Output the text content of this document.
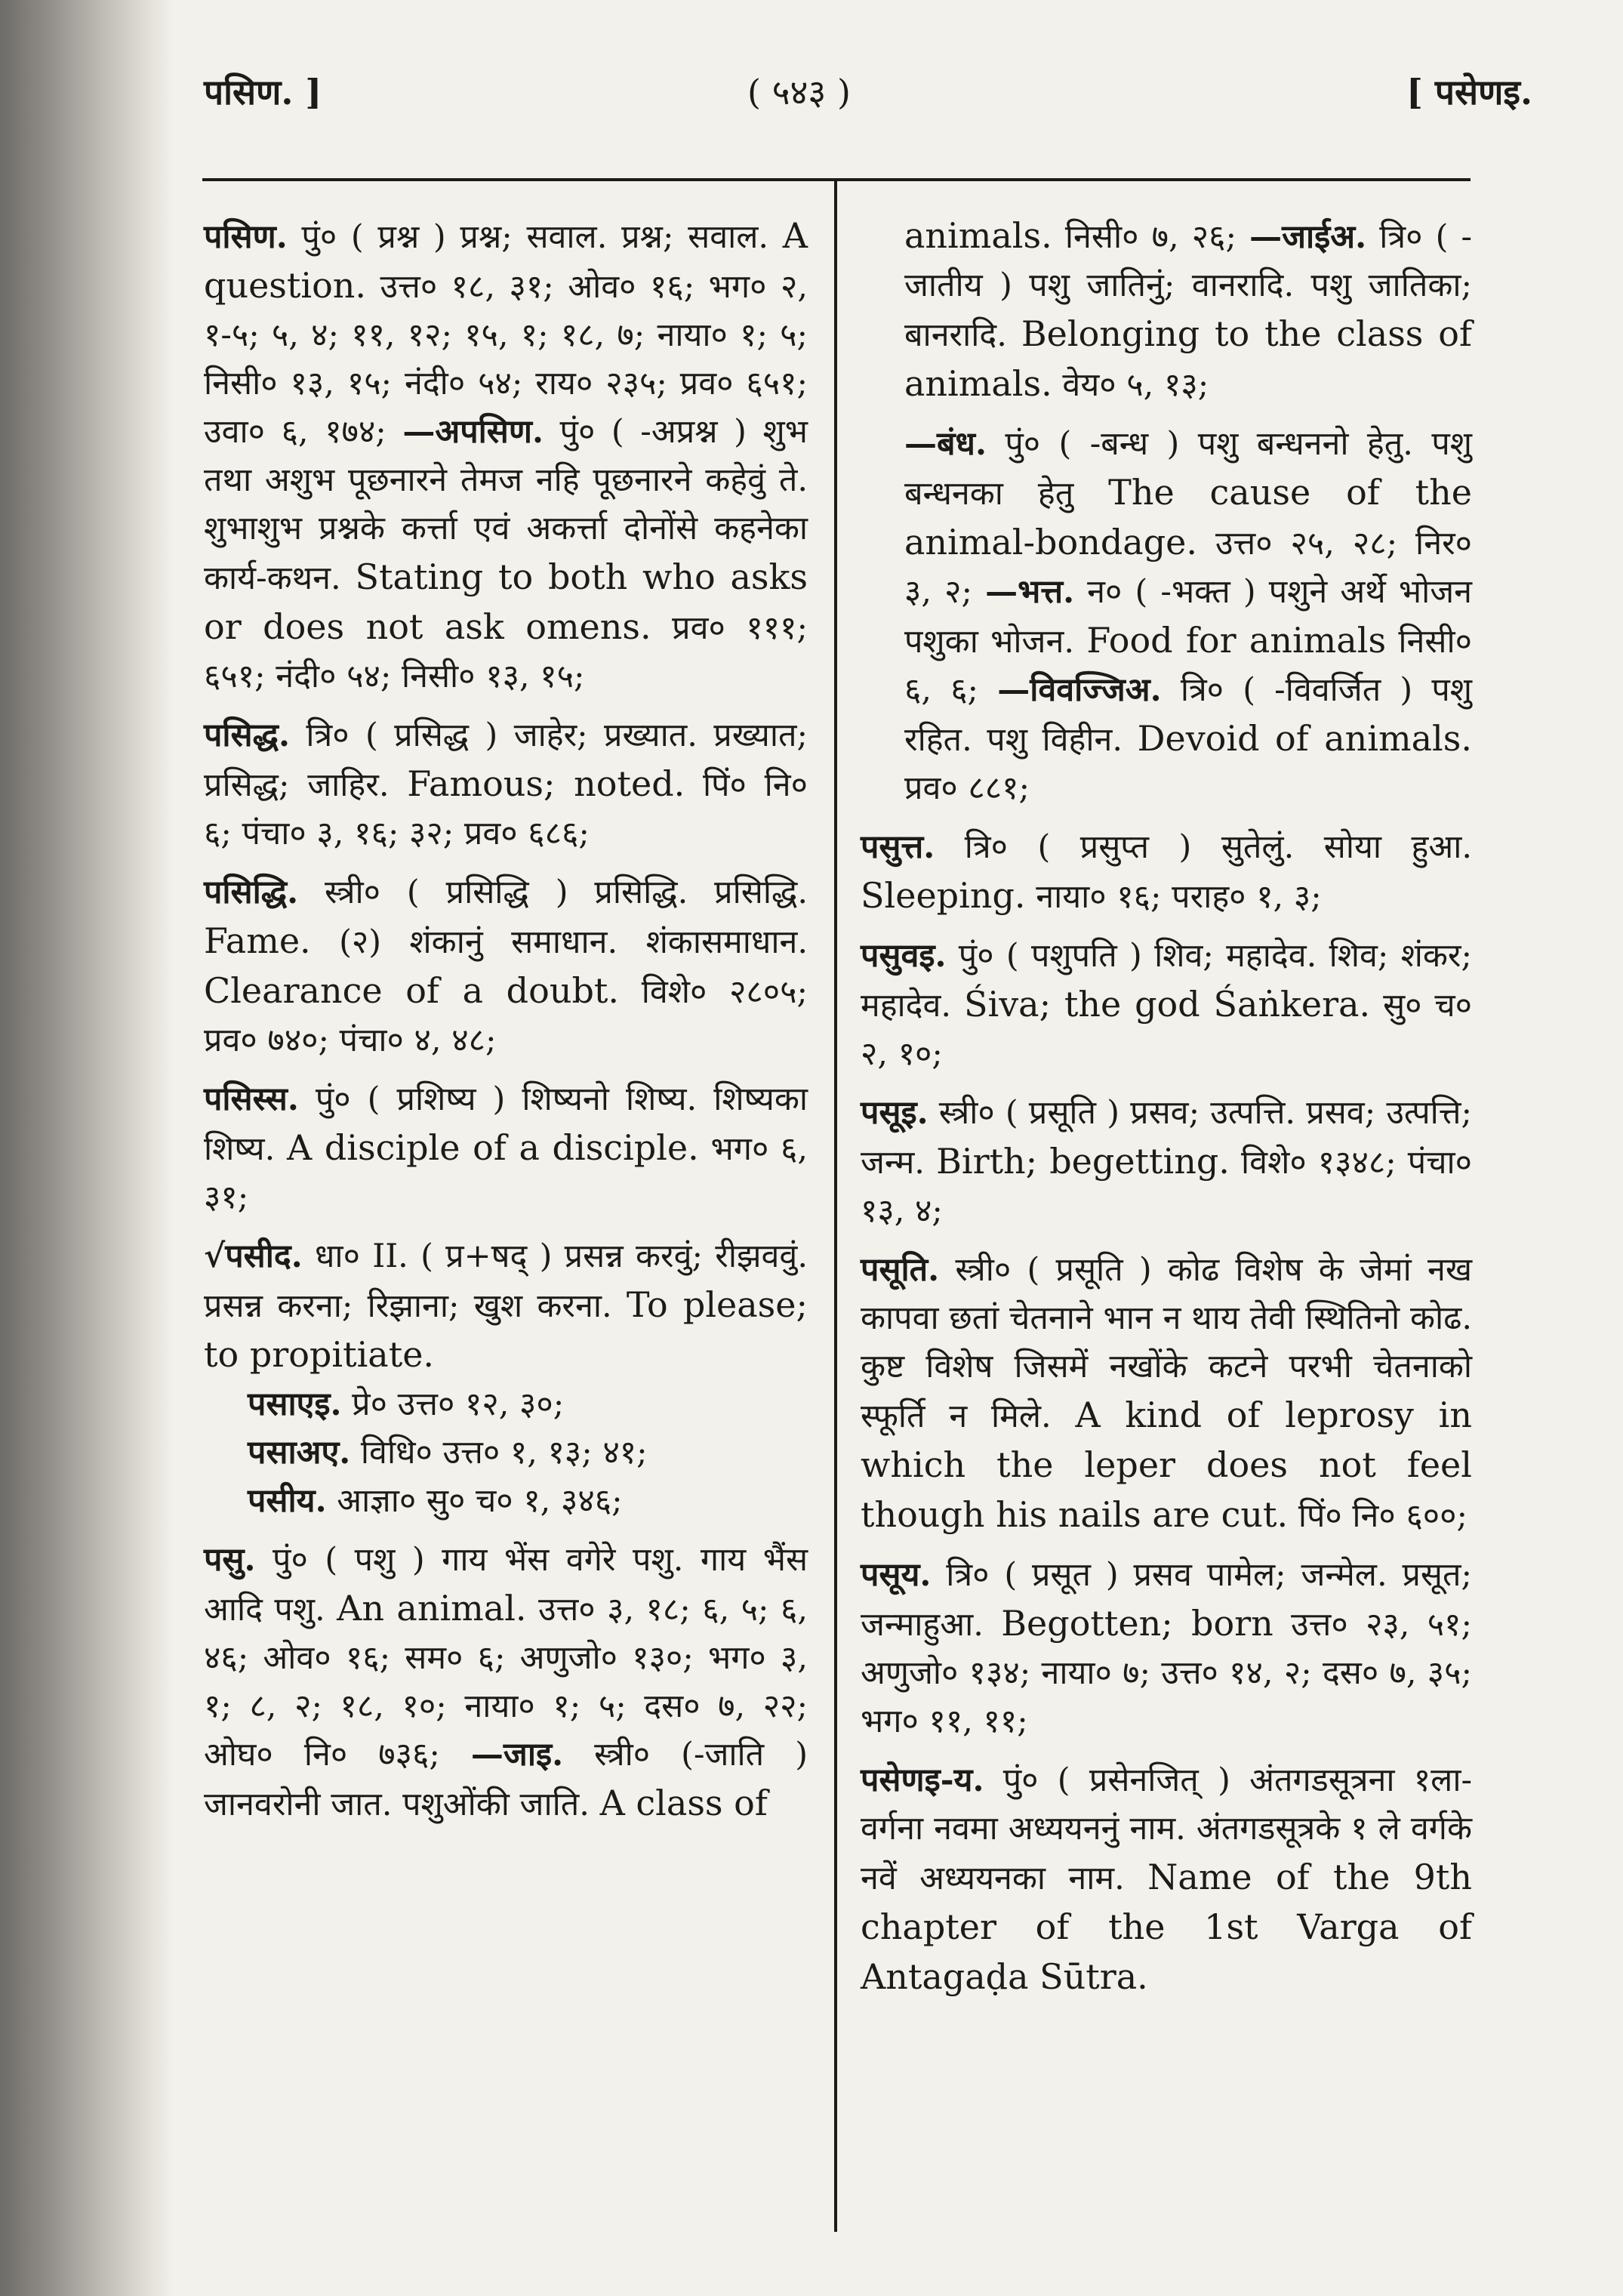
पसिण. ]	( ५४३ )	[ पसेणइ.
पसिण. पुं० ( प्रश्न ) प्रश्न; सवाल. प्रश्न; सवाल. A question. उत्त० १८, ३१; ओव० १६; भग० २, १-५; ५, ४; ११, १२; १५, १; १८, ७; नाया० १; ५; निसी० १३, १५; नंदी० ५४; राय० २३५; प्रव० ६५१; उवा० ६, १७४; —अपसिण. पुं० ( -अप्रश्न ) शुभ तथा अशुभ पूछनारने तेमज नहि पूछनारने कहेवुं ते. शुभाशुभ प्रश्नके कर्त्ता एवं अकर्त्ता दोनोंसे कहनेका कार्य-कथन. Stating to both who asks or does not ask omens. प्रव० १११; ६५१; नंदी० ५४; निसी० १३, १५;
पसिद्ध. त्रि० ( प्रसिद्ध ) जाहेर; प्रख्यात. प्रख्यात; प्रसिद्ध; जाहिर. Famous; noted. पिं० नि० ६; पंचा० ३, १६; ३२; प्रव० ६८६;
पसिद्धि. स्त्री० ( प्रसिद्धि ) प्रसिद्धि. प्रसिद्धि. Fame. (२) शंकानुं समाधान. शंकासमाधान. Clearance of a doubt. विशे० २८०५; प्रव० ७४०; पंचा० ४, ४८;
पसिस्स. पुं० ( प्रशिष्य ) शिष्यनो शिष्य. शिष्यका शिष्य. A disciple of a disciple. भग० ६, ३१;
√पसीद. धा० II. ( प्र+षद् ) प्रसन्न करवुं; रीझववुं. प्रसन्न करना; रिझाना; खुश करना. To please; to propitiate.
पसाएइ. प्रे० उत्त० १२, ३०;
पसाअए. विधि० उत्त० १, १३; ४१;
पसीय. आज्ञा० सु० च० १, ३४६;
पसु. पुं० ( पशु ) गाय भेंस वगेरे पशु. गाय भैंस आदि पशु. An animal. उत्त० ३, १८; ६, ५; ६, ४६; ओव० १६; सम० ६; अणुजो० १३०; भग० ३, १; ८, २; १८, १०; नाया० १; ५; दस० ७, २२; ओघ० नि० ७३६; —जाइ. स्त्री० (-जाति ) जानवरोनी जात. पशुओंकी जाति. A class of
animals. निसी० ७, २६; —जाईअ. त्रि० ( -जातीय ) पशु जातिनुं; वानरादि. पशु जातिका; बानरादि. Belonging to the class of animals. वेय० ५, १३;
—बंध. पुं० ( -बन्ध ) पशु बन्धननो हेतु. पशु बन्धनका हेतु The cause of the animal-bondage. उत्त० २५, २८; निर० ३, २; —भत्त. न० ( -भक्त ) पशुने अर्थे भोजन पशुका भोजन. Food for animals निसी० ६, ६; —विवज्जिअ. त्रि० ( -विवर्जित ) पशु रहित. पशु विहीन. Devoid of animals. प्रव० ८८१;
पसुत्त. त्रि० ( प्रसुप्त ) सुतेलुं. सोया हुआ. Sleeping. नाया० १६; पराह० १, ३;
पसुवइ. पुं० ( पशुपति ) शिव; महादेव. शिव; शंकर; महादेव. Śiva; the god Śaṅkera. सु० च० २, १०;
पसूइ. स्त्री० ( प्रसूति ) प्रसव; उत्पत्ति. प्रसव; उत्पत्ति; जन्म. Birth; begetting. विशे० १३४८; पंचा० १३, ४;
पसूति. स्त्री० ( प्रसूति ) कोढ विशेष के जेमां नख कापवा छतां चेतनाने भान न थाय तेवी स्थितिनो कोढ. कुष्ट विशेष जिसमें नखोंके कटने परभी चेतनाको स्फूर्ति न मिले. A kind of leprosy in which the leper does not feel though his nails are cut. पिं० नि० ६००;
पसूय. त्रि० ( प्रसूत ) प्रसव पामेल; जन्मेल. प्रसूत; जन्माहुआ. Begotten; born उत्त० २३, ५१; अणुजो० १३४; नाया० ७; उत्त० १४, २; दस० ७, ३५; भग० ११, ११;
पसेणइ-य. पुं० ( प्रसेनजित् ) अंतगडसूत्रना १ला-वर्गना नवमा अध्ययननुं नाम. अंतगडसूत्रके १ ले वर्गके नवें अध्ययनका नाम. Name of the 9th chapter of the 1st Varga of Antagaḍa Sūtra.
